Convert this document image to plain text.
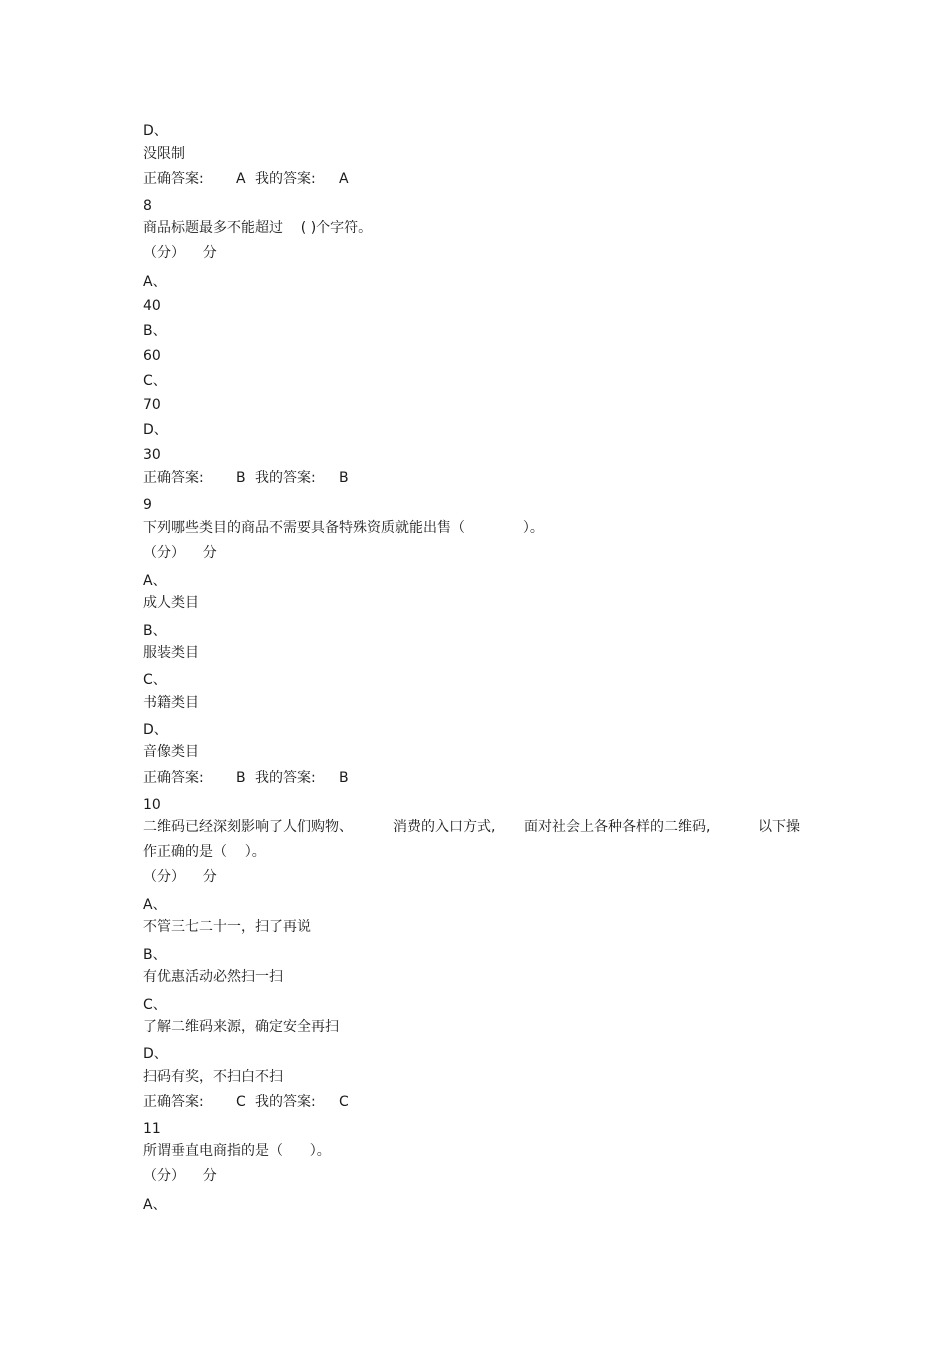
D、
没限制

正确答案:

A

我的答案:

A

8
商品标题最多不能超过    ( )个字符。
（分）    分
A、
40
B、
60
C、
70
D、
30

正确答案:

B

我的答案:

B

9
下列哪些类目的商品不需要具备特殊资质就能出售（             ）。
（分）    分
A、
成人类目
B、
服装类目
C、
书籍类目
D、
音像类目

正确答案:

B

我的答案:

B

10

二维码已经深刻影响了人们购物、

	消费的入口方式,

面对社会上各种各样的二维码,

	以下操

作正确的是（    ）。
（分）    分
A、
不管三七二十一，扫了再说
B、
有优惠活动必然扫一扫
C、
了解二维码来源，确定安全再扫
D、
扫码有奖，不扫白不扫

正确答案:

C

我的答案:

C

11
所谓垂直电商指的是（      ）。
（分）    分
A、
